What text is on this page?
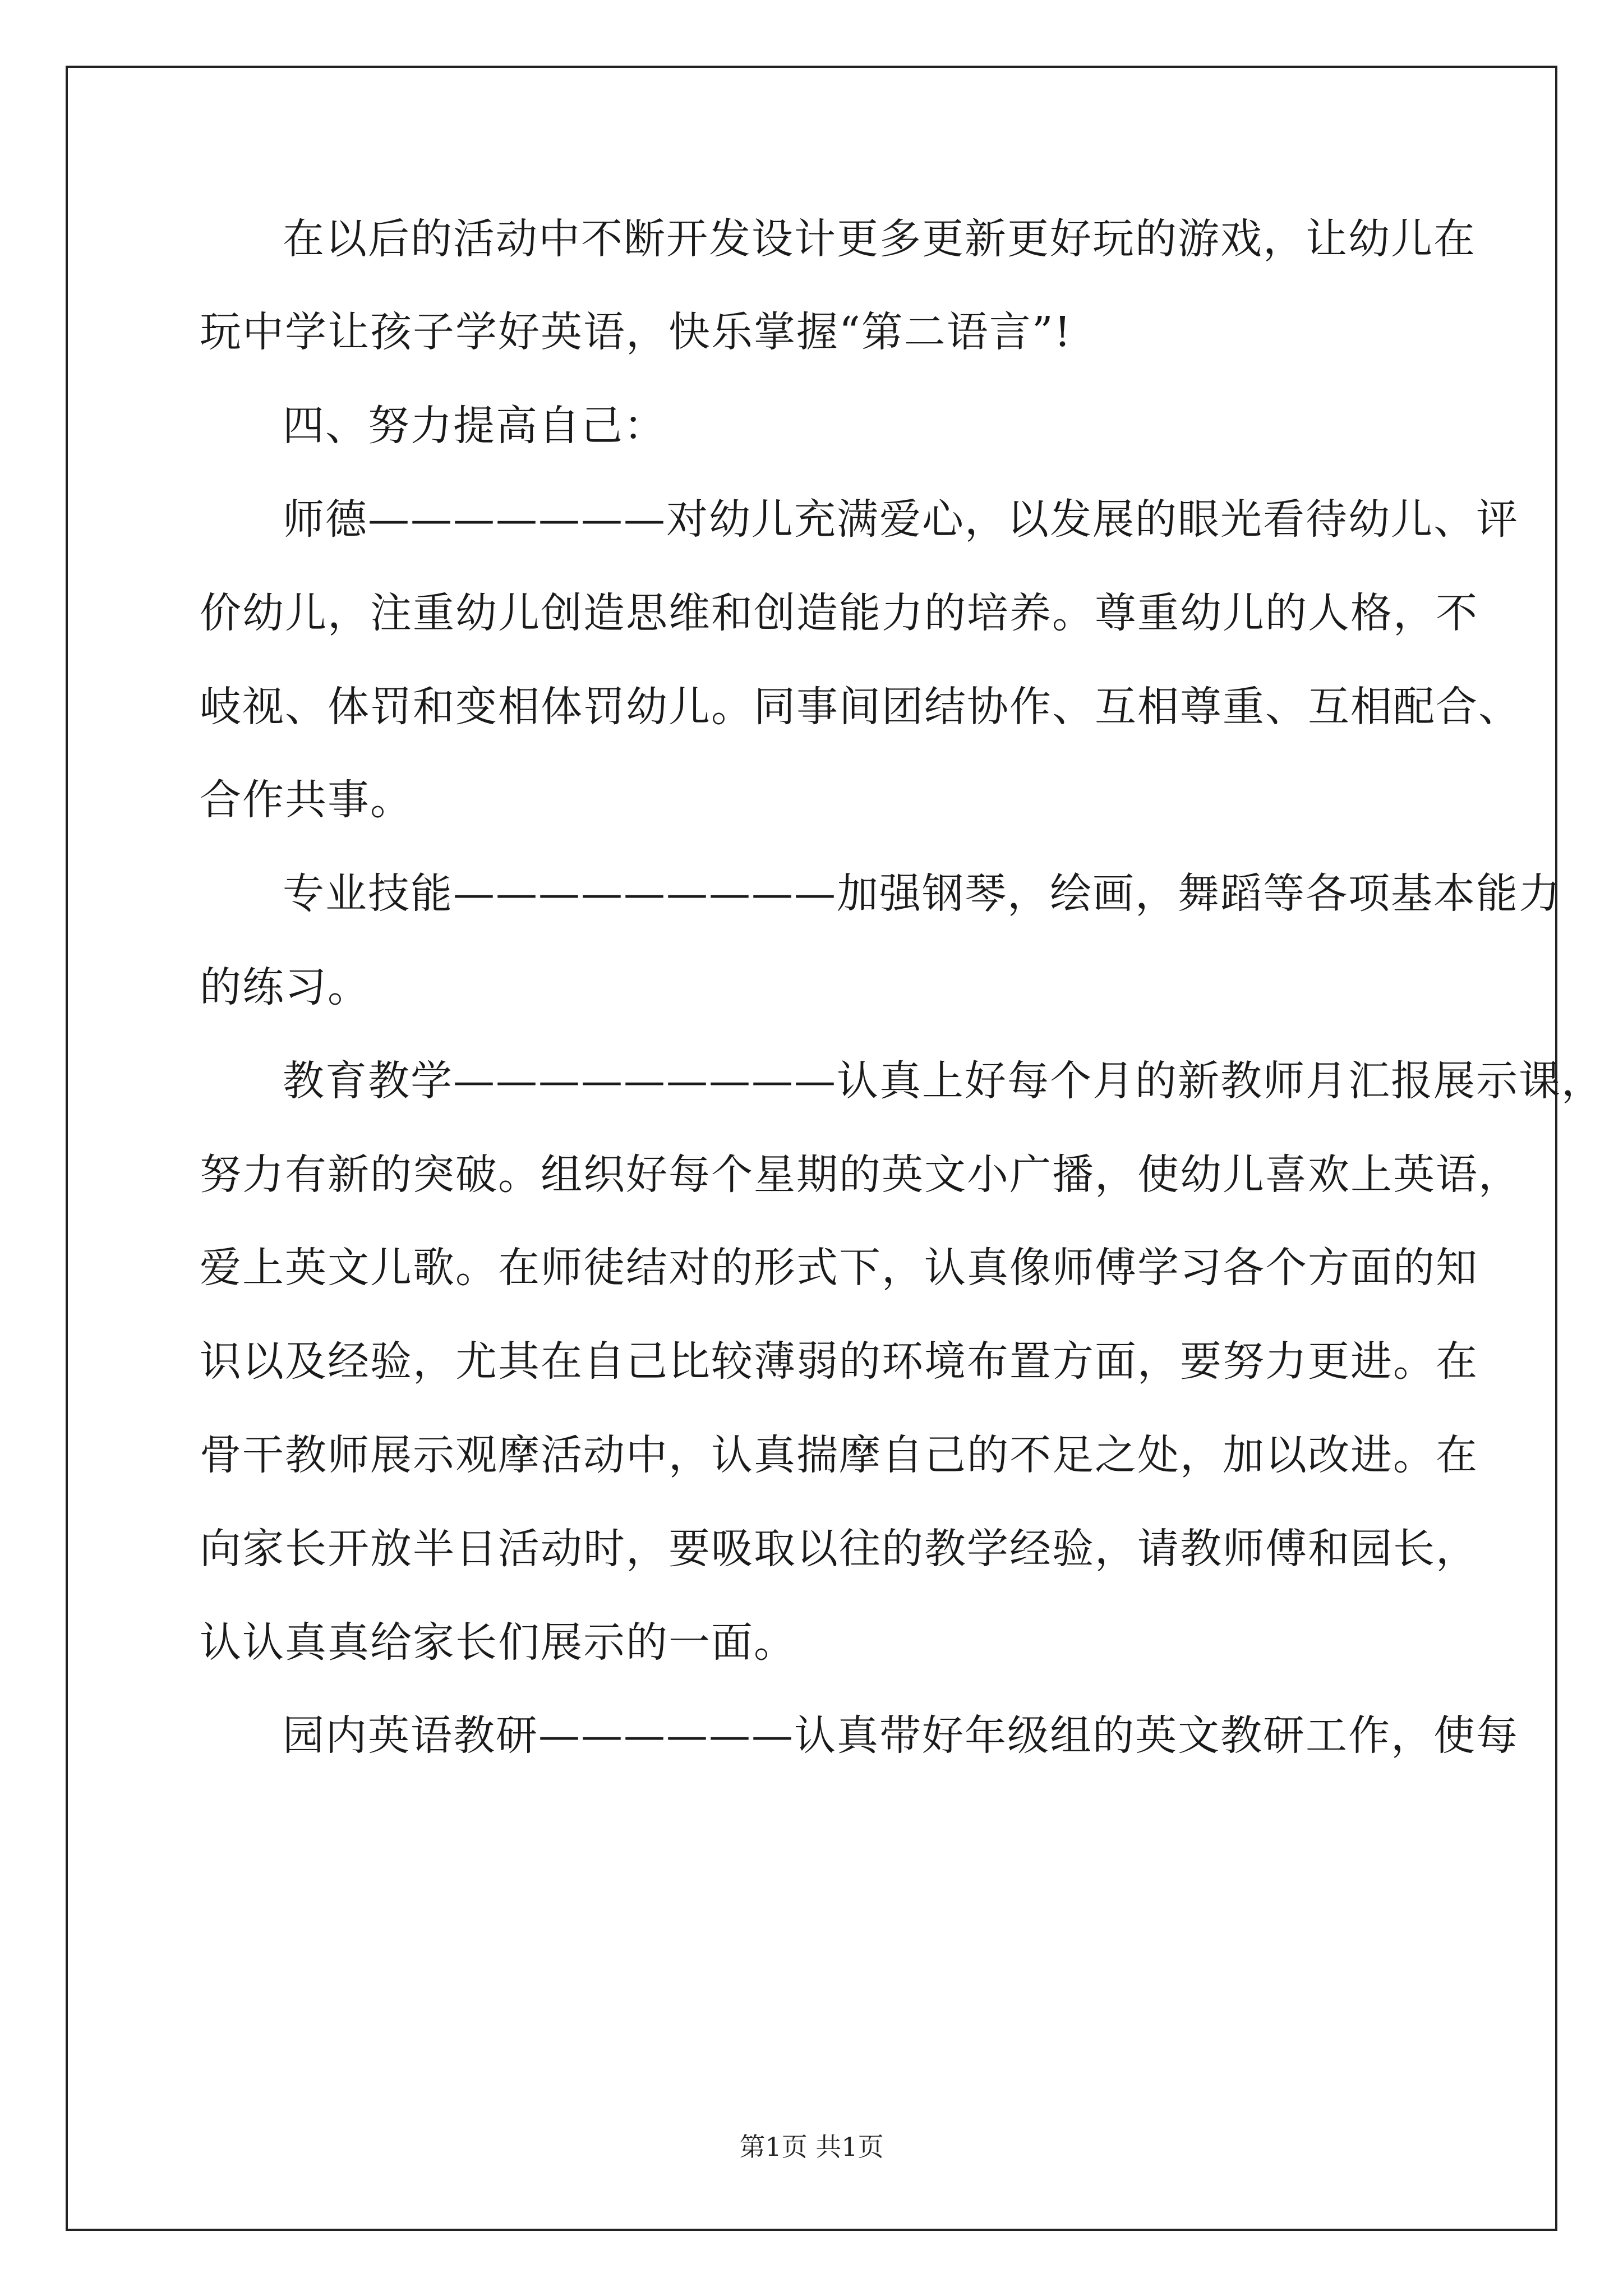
在以后的活动中不断开发设计更多更新更好玩的游戏，让幼儿在
玩中学让孩子学好英语，快乐掌握“第二语言”!
四、努力提高自己：
师德———————对幼儿充满爱心，以发展的眼光看待幼儿、评
价幼儿，注重幼儿创造思维和创造能力的培养。尊重幼儿的人格，不
岐视、体罚和变相体罚幼儿。同事间团结协作、互相尊重、互相配合、
合作共事。
专业技能—————————加强钢琴，绘画，舞蹈等各项基本能力
的练习。
教育教学—————————认真上好每个月的新教师月汇报展示课，
努力有新的突破。组织好每个星期的英文小广播，使幼儿喜欢上英语，
爱上英文儿歌。在师徒结对的形式下，认真像师傅学习各个方面的知
识以及经验，尤其在自己比较薄弱的环境布置方面，要努力更进。在
骨干教师展示观摩活动中，认真揣摩自己的不足之处，加以改进。在
向家长开放半日活动时，要吸取以往的教学经验，请教师傅和园长，
认认真真给家长们展示的一面。
园内英语教研——————认真带好年级组的英文教研工作，使每
第1页 共1页
